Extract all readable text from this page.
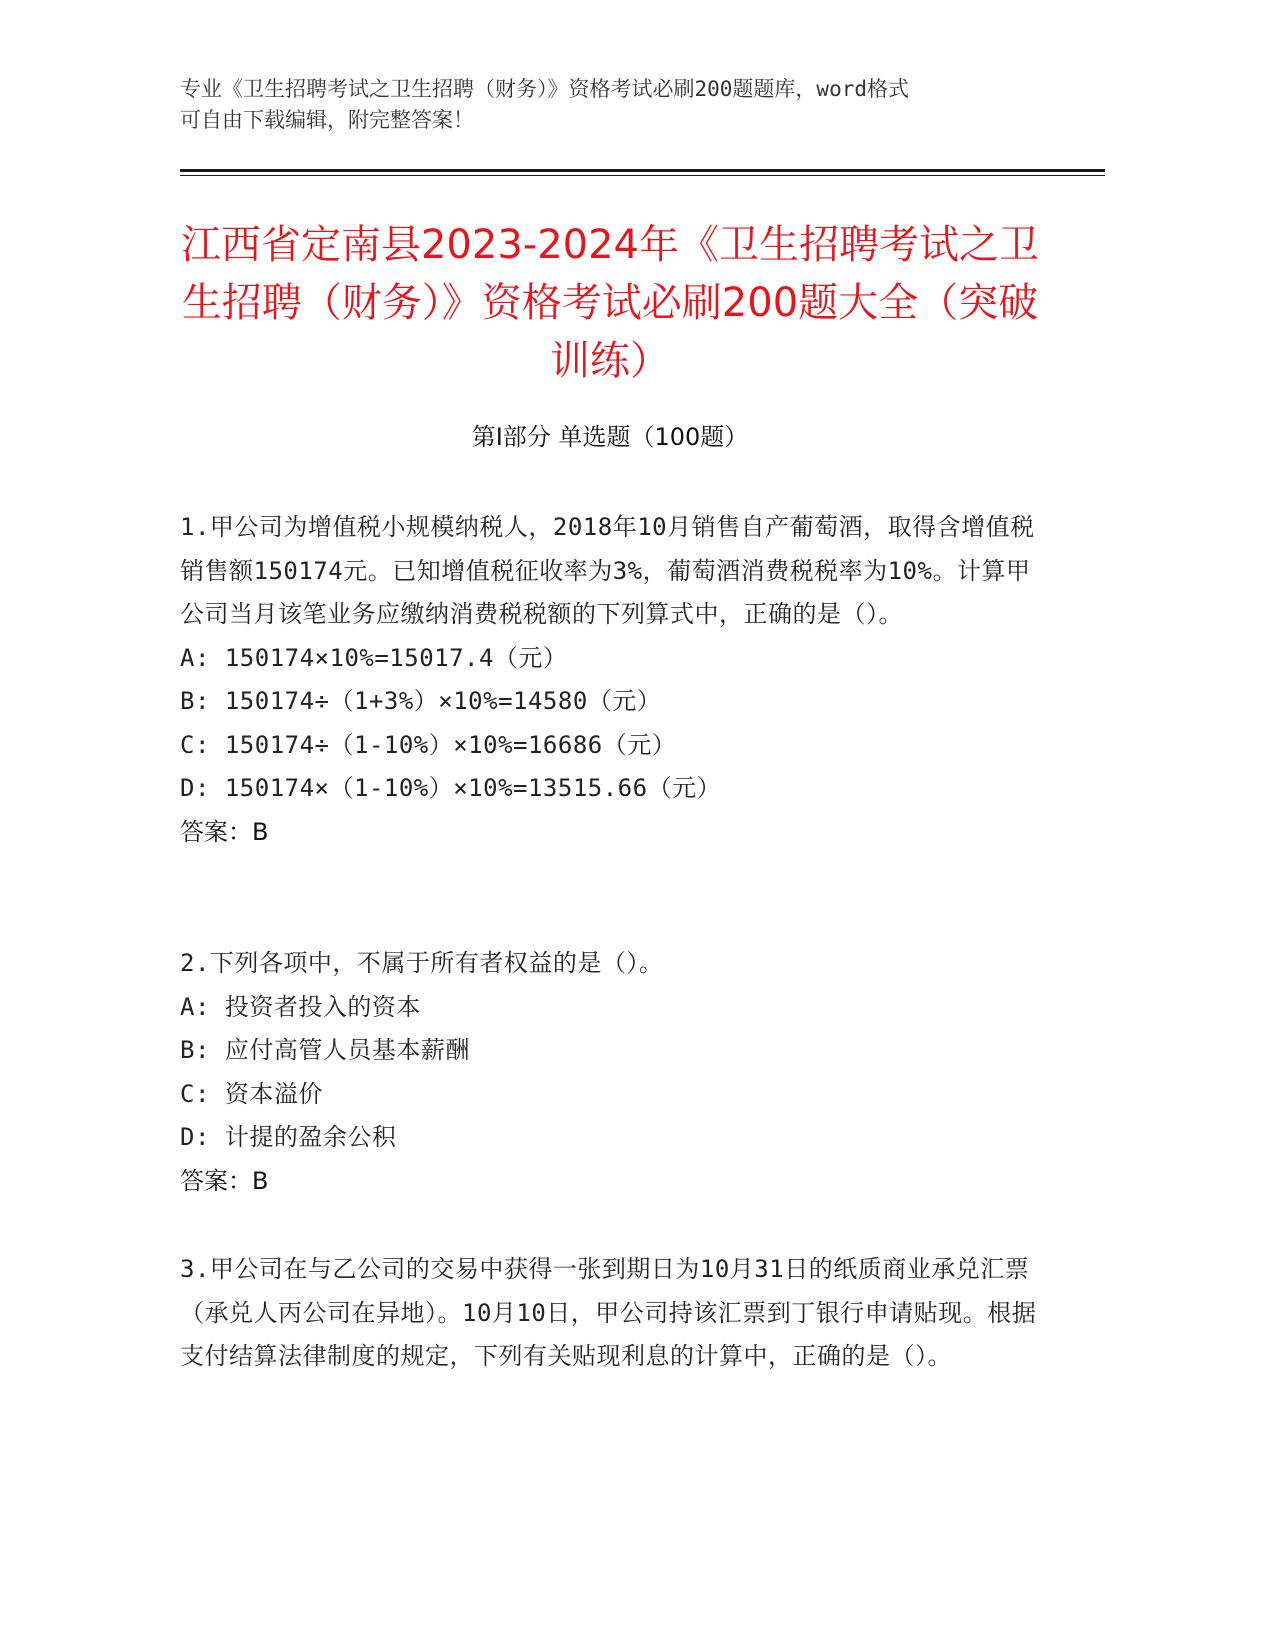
专业《卫生招聘考试之卫生招聘（财务）》资格考试必刷200题题库，word格式
可自由下载编辑，附完整答案！
江西省定南县2023-2024年《卫生招聘考试之卫生招聘（财务）》资格考试必刷200题大全（突破训练）
第Ⅰ部分 单选题（100题）
1.甲公司为增值税小规模纳税人，2018年10月销售自产葡萄酒，取得含增值税销售额150174元。已知增值税征收率为3%，葡萄酒消费税税率为10%。计算甲公司当月该笔业务应缴纳消费税税额的下列算式中，正确的是（）。
A: 150174×10%=15017.4（元）
B: 150174÷（1+3%）×10%=14580（元）
C: 150174÷（1-10%）×10%=16686（元）
D: 150174×（1-10%）×10%=13515.66（元）
答案：B
2.下列各项中，不属于所有者权益的是（）。
A: 投资者投入的资本
B: 应付高管人员基本薪酬
C: 资本溢价
D: 计提的盈余公积
答案：B
3.甲公司在与乙公司的交易中获得一张到期日为10月31日的纸质商业承兑汇票（承兑人丙公司在异地）。10月10日，甲公司持该汇票到丁银行申请贴现。根据支付结算法律制度的规定，下列有关贴现利息的计算中，正确的是（）。
